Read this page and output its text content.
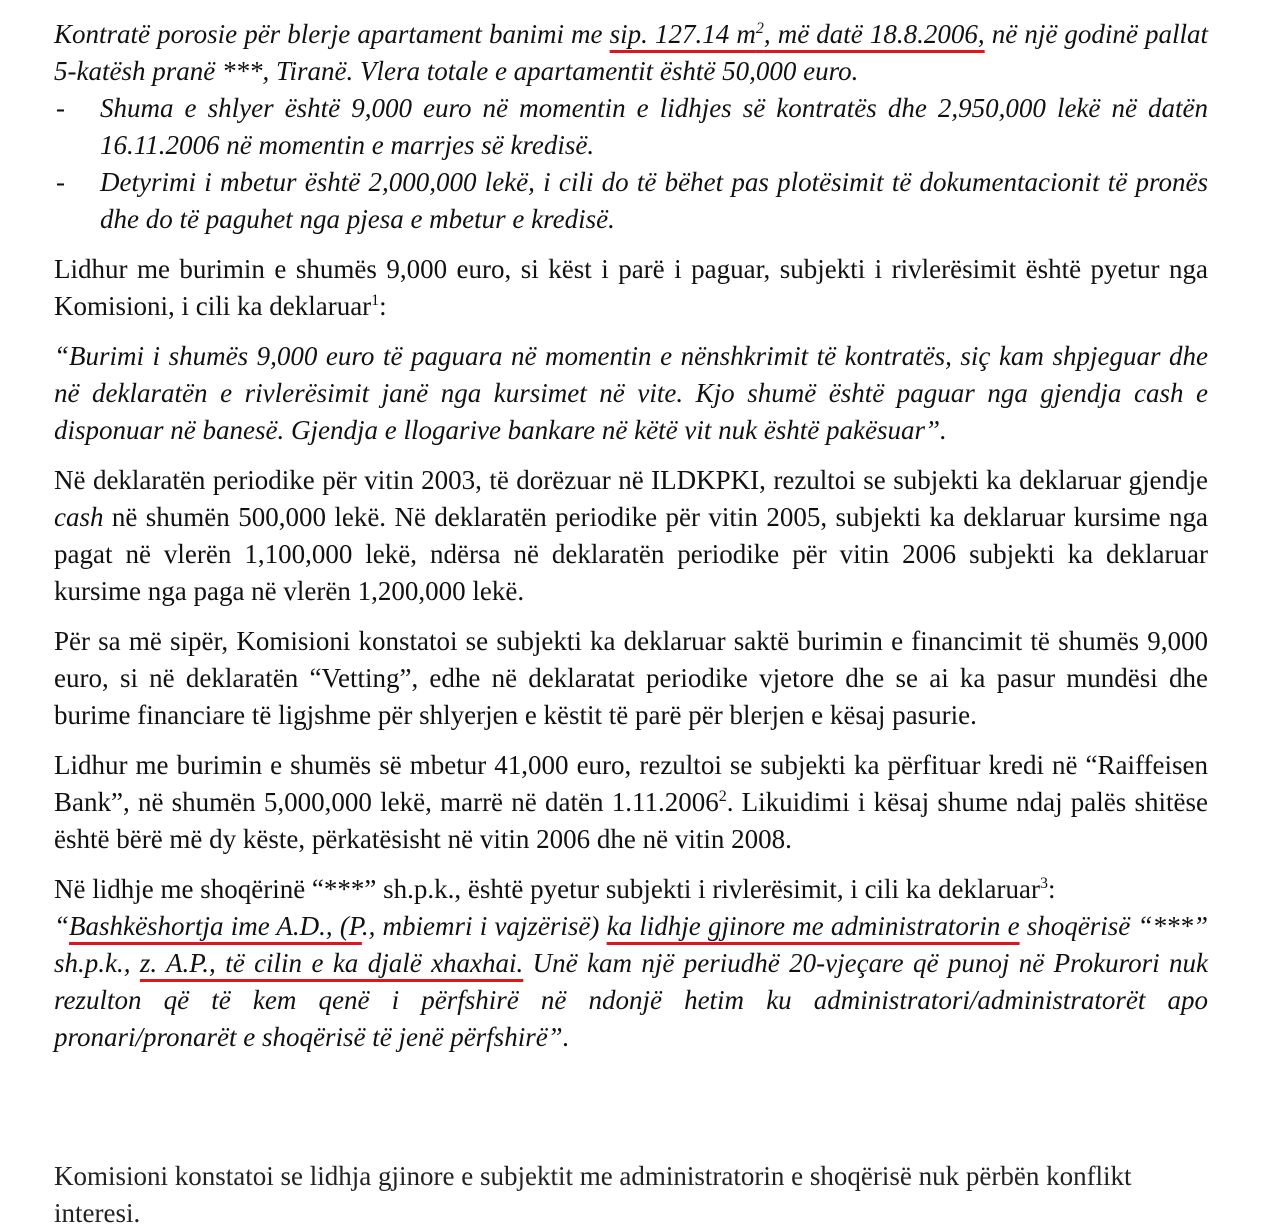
Kontratë porosie për blerje apartament banimi me sip. 127.14 $m^2$, më datë 18.8.2006, në një godinë pallat 5-katësh pranë ***, Tiranë. Vlera totale e apartamentit është 50,000 euro.

- Shuma e shlyer është 9,000 euro në momentin e lidhjes së kontratës dhe 2,950,000 lekë në datën 16.11.2006 në momentin e marrjes së kredisë.
- Detyrimi i mbetur është 2,000,000 lekë, i cili do të bëhet pas plotësimit të dokumentacionit të pronës dhe do të paguhet nga pjesa e mbetur e kredisë.

Lidhur me burimin e shumës 9,000 euro, si këst i parë i paguar, subjekti i rivlerësimit është pyetur nga Komisioni, i cili ka deklaruar$^1$:

“Burimi i shumës 9,000 euro të paguara në momentin e nënshkrimit të kontratës, siç kam shpjeguar dhe në deklaratën e rivlerësimit janë nga kursimet në vite. Kjo shumë është paguar nga gjendja cash e disponuar në banesë. Gjendja e llogarive bankare në këtë vit nuk është pakësuar”.

Në deklaratën periodike për vitin 2003, të dorëzuar në ILDKPKI, rezultoi se subjekti ka deklaruar gjendje cash në shumën 500,000 lekë. Në deklaratën periodike për vitin 2005, subjekti ka deklaruar kursime nga pagat në vlerën 1,100,000 lekë, ndërsa në deklaratën periodike për vitin 2006 subjekti ka deklaruar kursime nga paga në vlerën 1,200,000 lekë.

Për sa më sipër, Komisioni konstatoi se subjekti ka deklaruar saktë burimin e financimit të shumës 9,000 euro, si në deklaratën “Vetting”, edhe në deklaratat periodike vjetore dhe se ai ka pasur mundësi dhe burime financiare të ligjshme për shlyerjen e këstit të parë për blerjen e kësaj pasurie.

Lidhur me burimin e shumës së mbetur 41,000 euro, rezultoi se subjekti ka përfituar kredi në “Raiffeisen Bank”, në shumën 5,000,000 lekë, marrë në datën 1.11.2006$^2$. Likuidimi i kësaj shume ndaj palës shitëse është bërë më dy këste, përkatësisht në vitin 2006 dhe në vitin 2008.

Në lidhje me shoqërinë “***” sh.p.k., është pyetur subjekti i rivlerësimit, i cili ka deklaruar$^3$:
“Bashkëshortja ime A.D., (P., mbiemri i vajzërisë) ka lidhje gjinore me administratorin e shoqërisë “***” sh.p.k., z. A.P., të cilin e ka djalë xhaxhai. Unë kam një periudhë 20-vjeçare që punoj në Prokurori nuk rezulton që të kem qenë i përfshirë në ndonjë hetim ku administratori/administratorët apo pronari/pronarët e shoqërisë të jenë përfshirë”.

Komisioni konstatoi se lidhja gjinore e subjektit me administratorin e shoqërisë nuk përbën konflikt interesi.
